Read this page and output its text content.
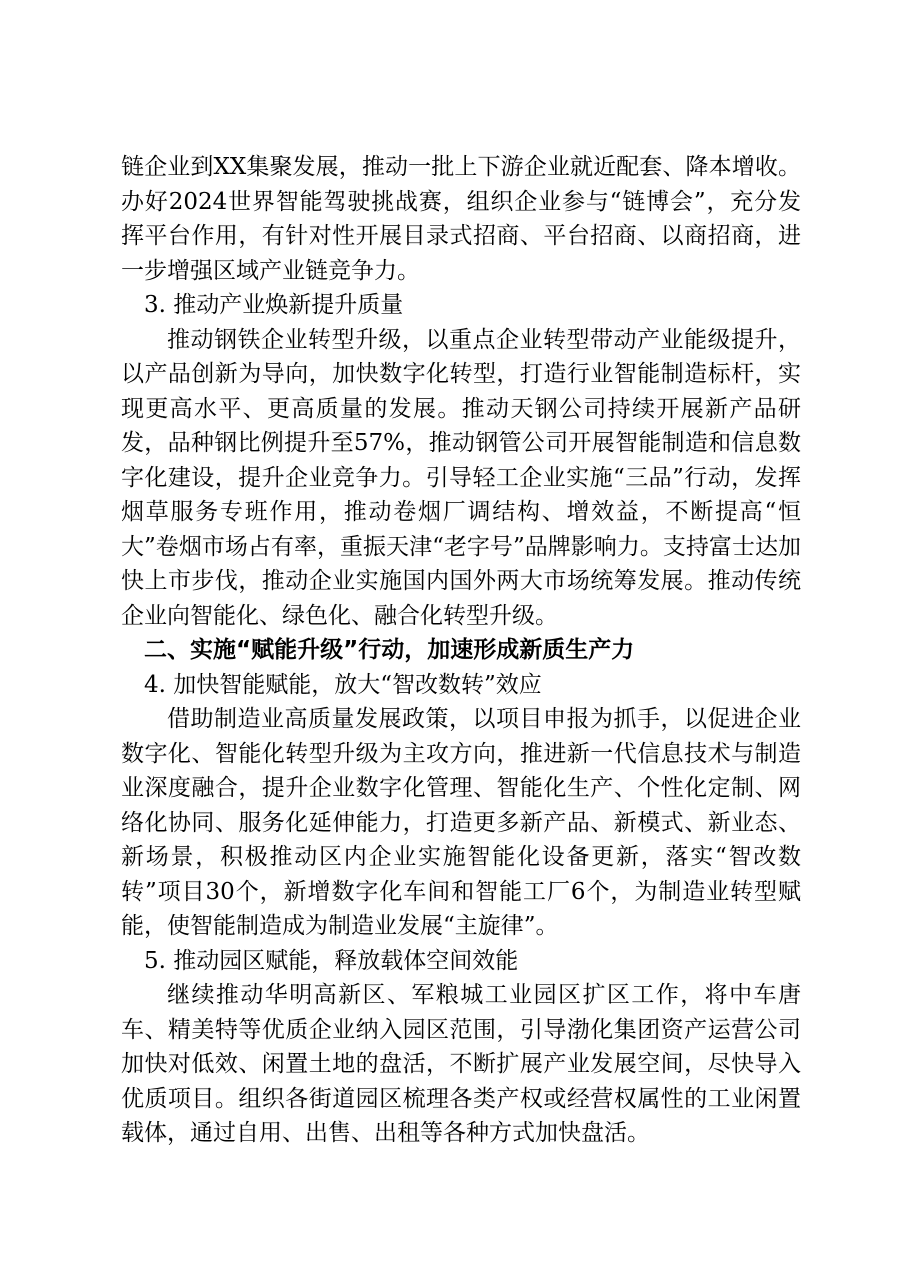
链企业到XX集聚发展，推动一批上下游企业就近配套、降本增收。办好2024世界智能驾驶挑战赛，组织企业参与“链博会”，充分发挥平台作用，有针对性开展目录式招商、平台招商、以商招商，进一步增强区域产业链竞争力。

3. 推动产业焕新提升质量

推动钢铁企业转型升级，以重点企业转型带动产业能级提升，以产品创新为导向，加快数字化转型，打造行业智能制造标杆，实现更高水平、更高质量的发展。推动天钢公司持续开展新产品研发，品种钢比例提升至57%，推动钢管公司开展智能制造和信息数字化建设，提升企业竞争力。引导轻工企业实施“三品”行动，发挥烟草服务专班作用，推动卷烟厂调结构、增效益，不断提高“恒大”卷烟市场占有率，重振天津“老字号”品牌影响力。支持富士达加快上市步伐，推动企业实施国内国外两大市场统筹发展。推动传统企业向智能化、绿色化、融合化转型升级。

二、实施“赋能升级”行动，加速形成新质生产力

4. 加快智能赋能，放大“智改数转”效应

借助制造业高质量发展政策，以项目申报为抓手，以促进企业数字化、智能化转型升级为主攻方向，推进新一代信息技术与制造业深度融合，提升企业数字化管理、智能化生产、个性化定制、网络化协同、服务化延伸能力，打造更多新产品、新模式、新业态、新场景，积极推动区内企业实施智能化设备更新，落实“智改数转”项目30个，新增数字化车间和智能工厂6个，为制造业转型赋能，使智能制造成为制造业发展“主旋律”。

5. 推动园区赋能，释放载体空间效能

继续推动华明高新区、军粮城工业园区扩区工作，将中车唐车、精美特等优质企业纳入园区范围，引导渤化集团资产运营公司加快对低效、闲置土地的盘活，不断扩展产业发展空间，尽快导入优质项目。组织各街道园区梳理各类产权或经营权属性的工业闲置载体，通过自用、出售、出租等各种方式加快盘活。
